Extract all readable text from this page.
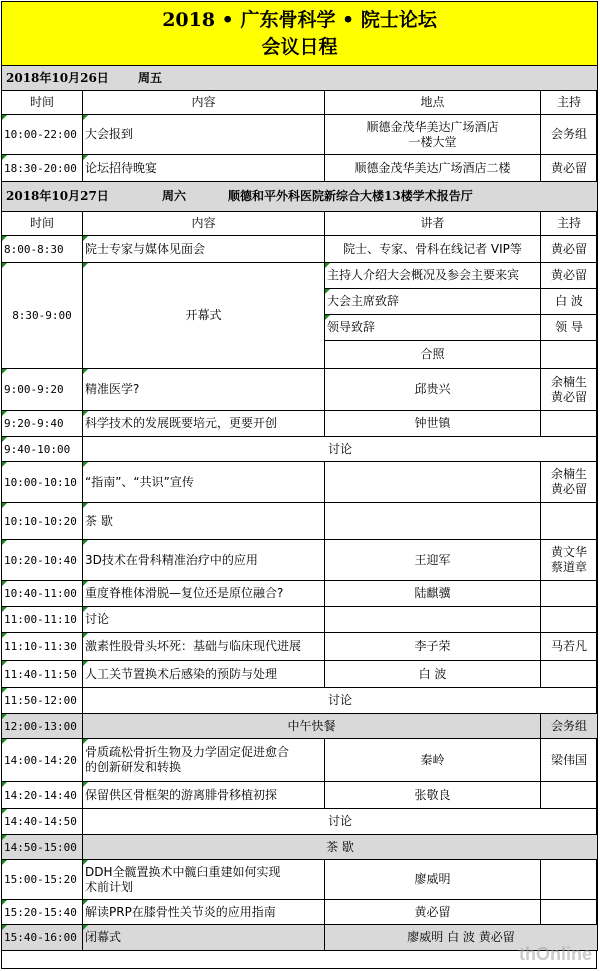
2018 • 广东骨科学 • 院士论坛
会议日程			

2018年10月26日 周五			
时间	内容	地点	主持
10:00-22:00	大会报到	顺德金茂华美达广场酒店
一楼大堂	会务组
18:30-20:00	论坛招待晚宴	顺德金茂华美达广场酒店二楼	黄必留
2018年10月27日 周六 顺德和平外科医院新综合大楼13楼学术报告厅			
时间	内容	讲者	主持
8:00-8:30	院士专家与媒体见面会	院士、专家、骨科在线记者 VIP等	黄必留
8:30-9:00	开幕式	主持人介绍大会概况及参会主要来宾	黄必留
		大会主席致辞	白 波
		领导致辞	领 导
		合照	
9:00-9:20	精准医学?	邱贵兴	余楠生
黄必留
9:20-9:40	科学技术的发展既要培元，更要开创	钟世镇	
9:40-10:00	讨论		
10:00-10:10	“指南”、“共识”宣传		余楠生
黄必留
10:10-10:20	茶 歇		
10:20-10:40	3D技术在骨科精准治疗中的应用	王迎军	黄文华
蔡道章
10:40-11:00	重度脊椎体滑脱—复位还是原位融合?	陆麒骥	
11:00-11:10	讨论		
11:10-11:30	激素性股骨头坏死：基础与临床现代进展	李子荣	马若凡
11:40-11:50	人工关节置换术后感染的预防与处理	白 波	
11:50-12:00	讨论		
12:00-13:00	中午快餐		会务组
14:00-14:20	骨质疏松骨折生物及力学固定促进愈合
的创新研发和转换	秦岭	梁伟国
14:20-14:40	保留供区骨框架的游离腓骨移植初探	张敬良	
14:40-14:50	讨论		
14:50-15:00	茶 歇		
15:00-15:20	DDH全髋置换术中髋臼重建如何实现
术前计划	廖威明	
15:20-15:40	解读PRP在膝骨性关节炎的应用指南	黄必留	
15:40-16:00	闭幕式	廖威明 白 波 黄必留	
thOnline
